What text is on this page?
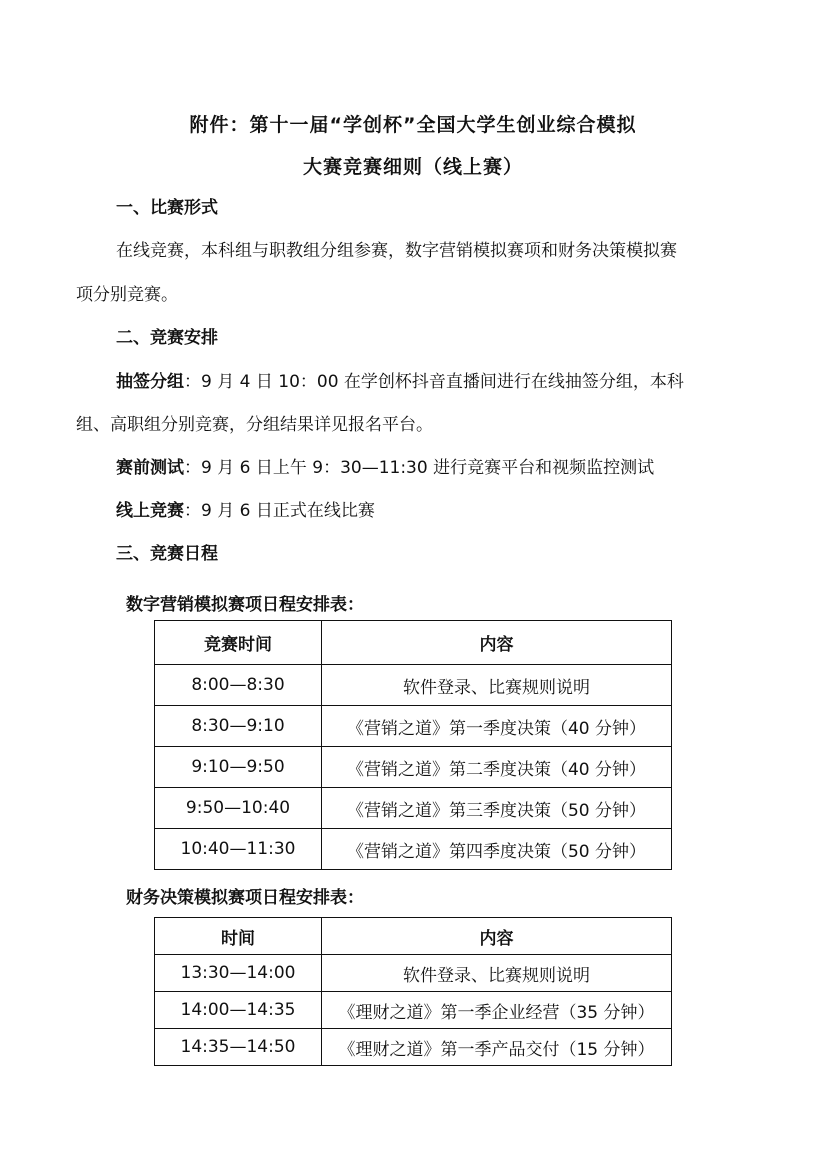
附件：第十一届“学创杯”全国大学生创业综合模拟
大赛竞赛细则（线上赛）
一、比赛形式
在线竞赛，本科组与职教组分组参赛，数字营销模拟赛项和财务决策模拟赛
项分别竞赛。
二、竞赛安排
抽签分组：9 月 4 日 10：00 在学创杯抖音直播间进行在线抽签分组，本科
组、高职组分别竞赛，分组结果详见报名平台。
赛前测试：9 月 6 日上午 9：30—11:30 进行竞赛平台和视频监控测试
线上竞赛：9 月 6 日正式在线比赛
三、竞赛日程
数字营销模拟赛项日程安排表：
竞赛时间	内容
8:00—8:30	软件登录、比赛规则说明
8:30—9:10	《营销之道》第一季度决策（40 分钟）
9:10—9:50	《营销之道》第二季度决策（40 分钟）
9:50—10:40	《营销之道》第三季度决策（50 分钟）
10:40—11:30	《营销之道》第四季度决策（50 分钟）
财务决策模拟赛项日程安排表：
时间	内容
13:30—14:00	软件登录、比赛规则说明
14:00—14:35	《理财之道》第一季企业经营（35 分钟）
14:35—14:50	《理财之道》第一季产品交付（15 分钟）
